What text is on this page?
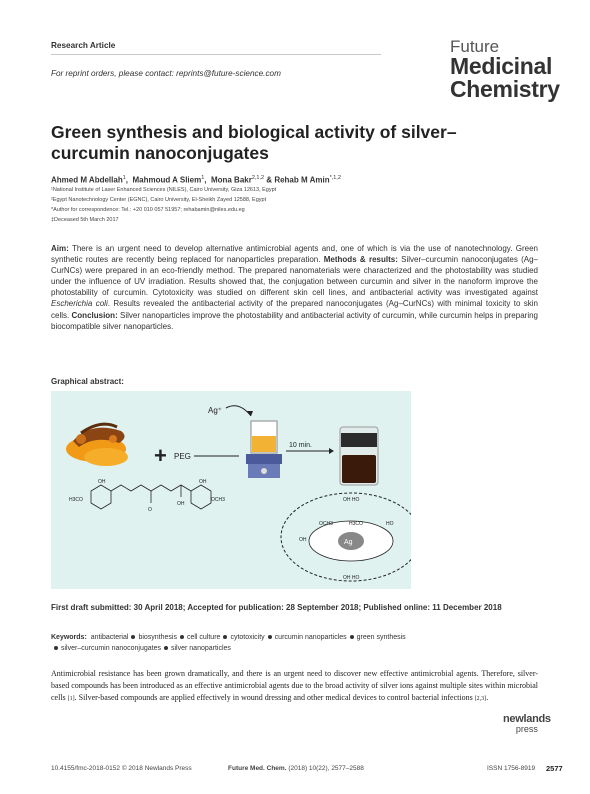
Research Article
For reprint orders, please contact: reprints@future-science.com
Future
Medicinal
Chemistry
Green synthesis and biological activity of silver–curcumin nanoconjugates
Ahmed M Abdellah$^1$,  Mahmoud A Sliem$^1$,  Mona Bakr$^{2,1,2}$ & Rehab M Amin$^{*,1,2}$
¹National Institute of Laser Enhanced Sciences (NILES), Cairo University, Giza 12613, Egypt
²Egypt Nanotechnology Center (EGNC), Cairo University, El-Sheikh Zayed 12588, Egypt
*Author for correspondence: Tel.: +20 010 057 51957; rehabamin@niles.edu.eg
‡Deceased 5th March 2017

Aim: There is an urgent need to develop alternative antimicrobial agents and, one of which is via the use of nanotechnology. Green synthetic routes are recently being replaced for nanoparticles preparation. Methods & results: Silver–curcumin nanoconjugates (Ag–CurNCs) were prepared in an eco-friendly method. The prepared nanomaterials were characterized and the photostability was studied under the influence of UV irradiation. Results showed that, the conjugation between curcumin and silver in the nanoform improve the photostability of curcumin. Cytotoxicity was studied on different skin cell lines, and antibacterial activity was investigated against Escherichia coli. Results revealed the antibacterial activity of the prepared nanoconjugates (Ag–CurNCs) with minimal toxicity to skin cells. Conclusion: Silver nanoparticles improve the photostability and antibacterial activity of curcumin, while curcumin helps in preparing biocompatible silver nanoparticles.

Graphical abstract:
+ PEG
Ag⁺
10 min.
OH
H3CO
O
OH
OH
OCH3
Ag
OCH3	H3CO
OH HO
OH HO
OH
HO

First draft submitted: 30 April 2018; Accepted for publication: 28 September 2018; Published online: 11 December 2018

Keywords: antibacterial biosynthesis cell culture cytotoxicity curcumin nanoparticles green synthesis
silver–curcumin nanoconjugates silver nanoparticles

Antimicrobial resistance has been grown dramatically, and there is an urgent need to discover new effective antimicrobial agents. Therefore, silver-based compounds has been introduced as an effective antimicrobial agents due to the broad activity of silver ions against multiple sites within microbial cells [1]. Silver-based compounds are applied effectively in wound dressing and other medical devices to control bacterial infections [2,3].

newlands
press
10.4155/fmc-2018-0152 © 2018 Newlands Press	Future Med. Chem. (2018) 10(22), 2577–2588	ISSN 1756-8919 2577
